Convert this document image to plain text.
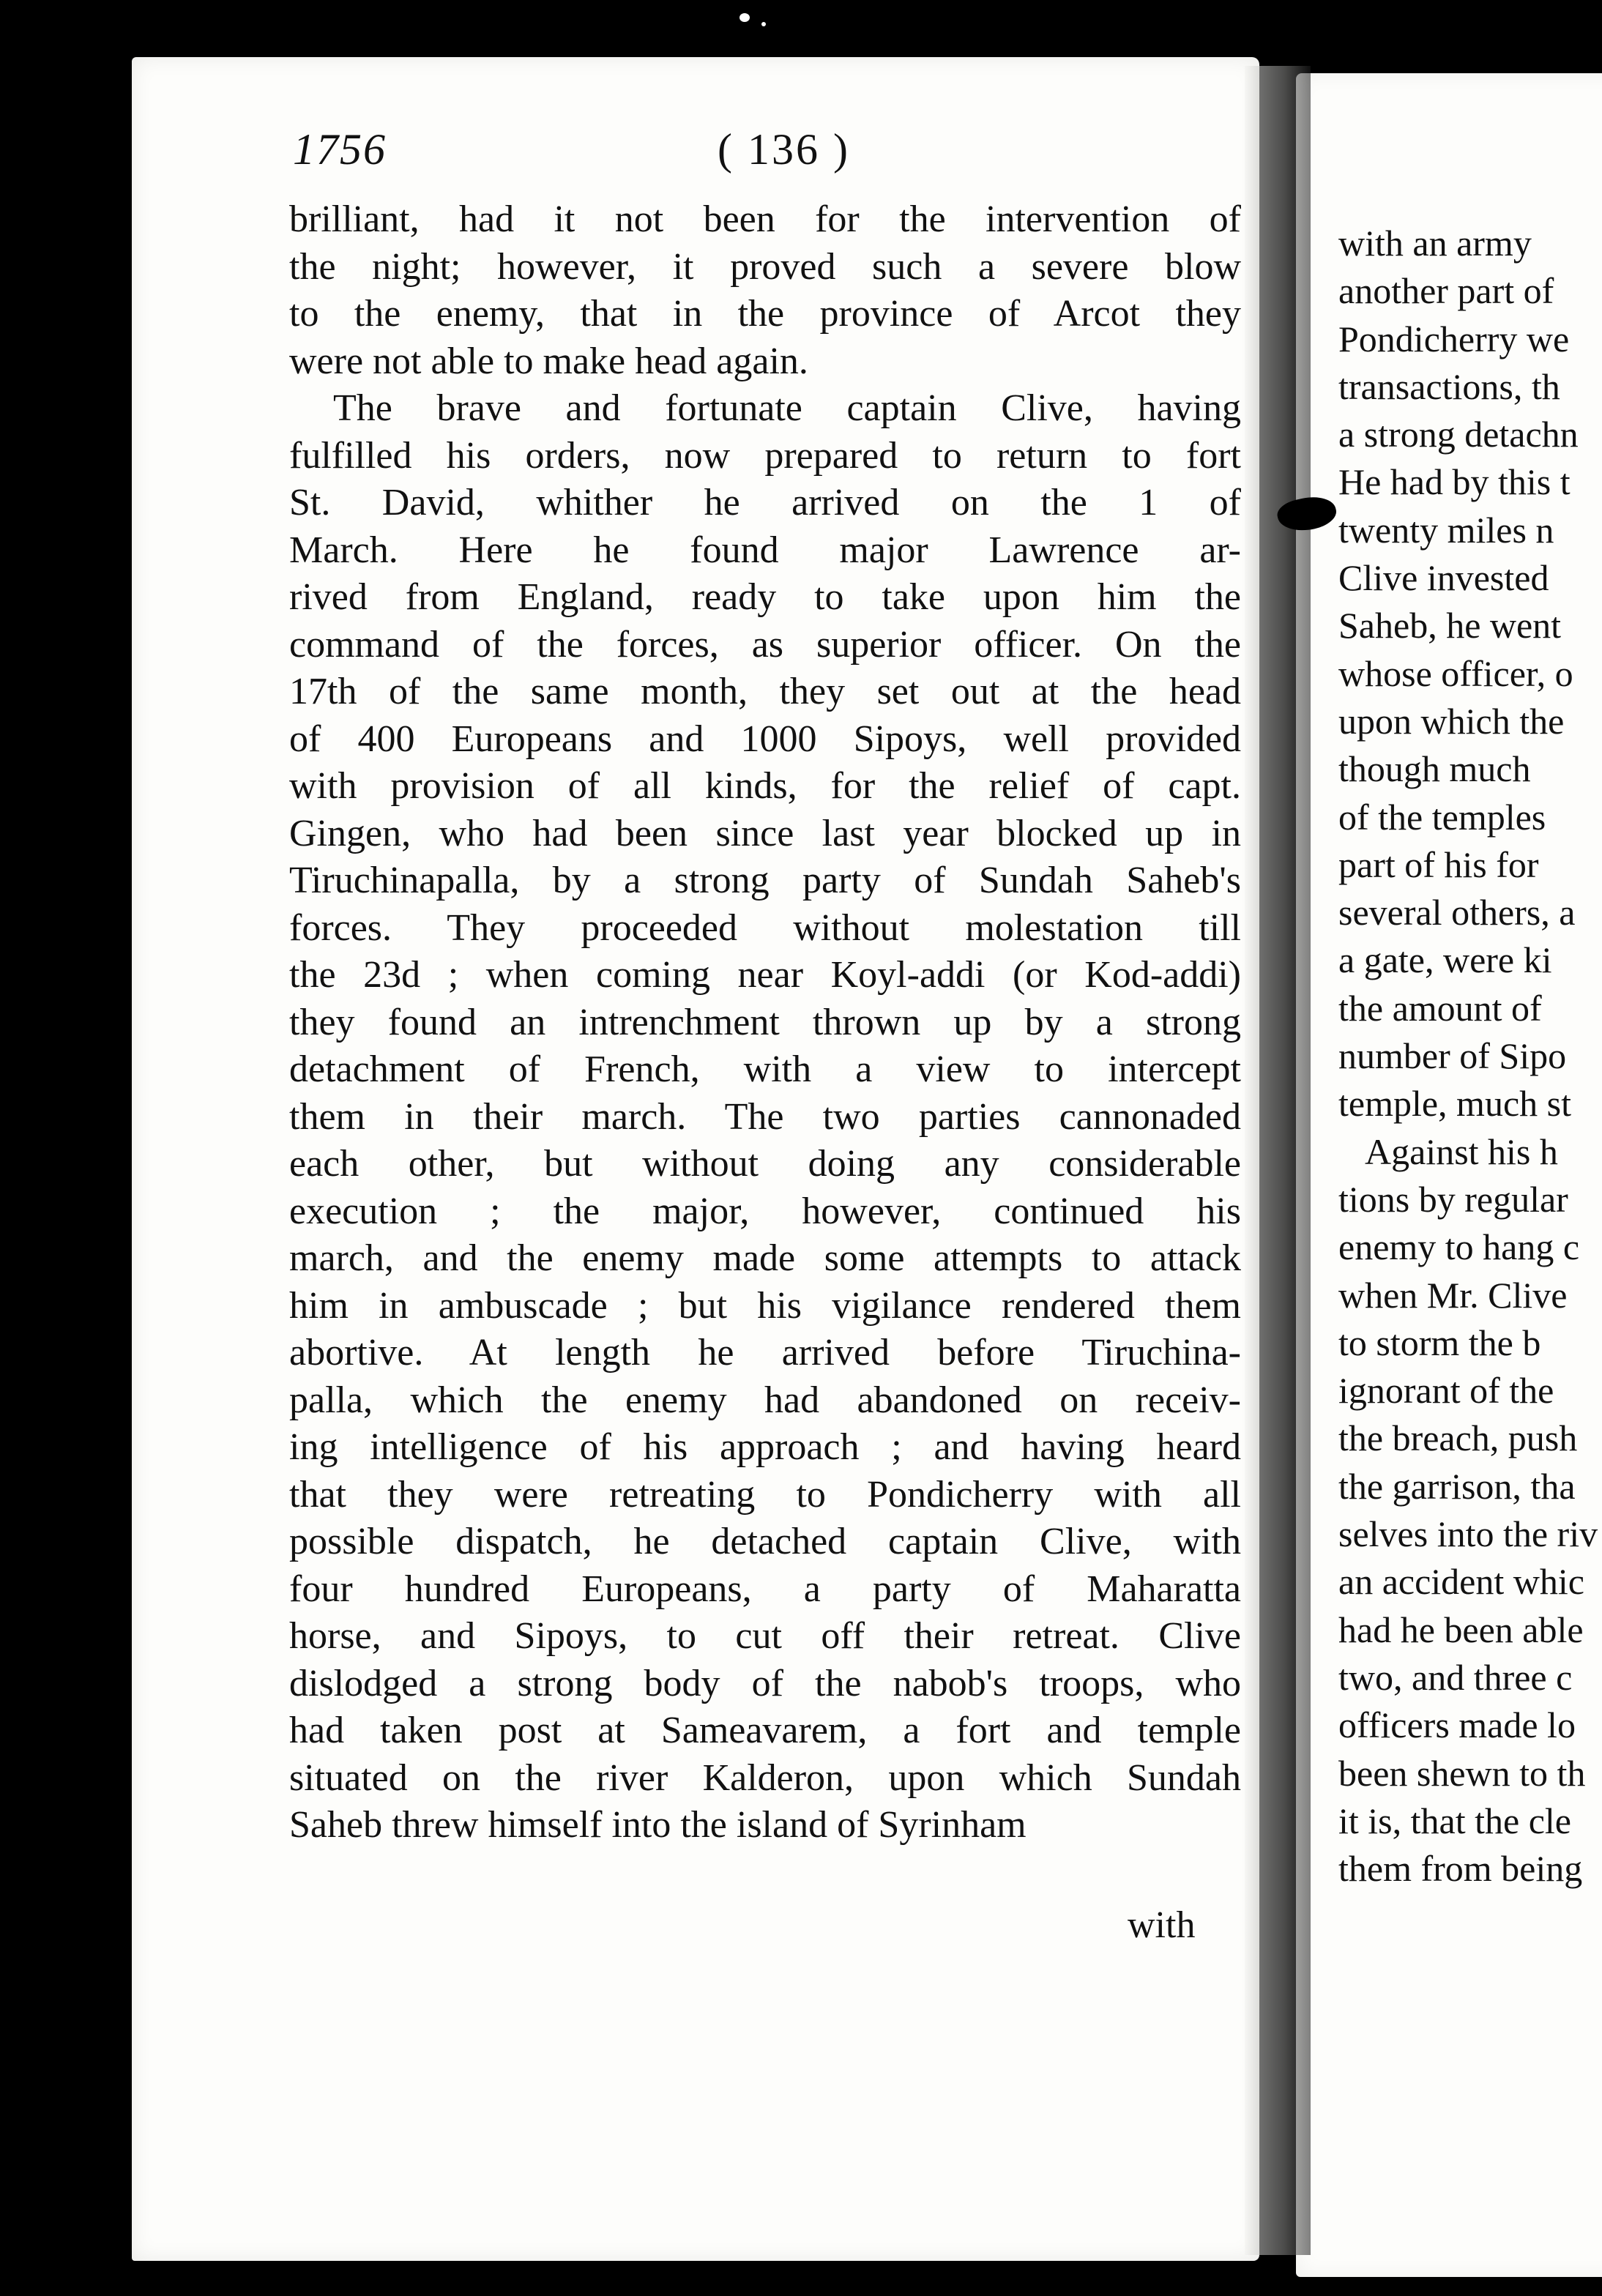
1756	( 136 )
brilliant, had it not been for the intervention of
the night; however, it proved such a severe blow
to the enemy, that in the province of Arcot they
were not able to make head again.
The brave and fortunate captain Clive, having
fulfilled his orders, now prepared to return to fort
St. David, whither he arrived on the 1 of
March. Here he found major Lawrence ar-
rived from England, ready to take upon him the
command of the forces, as superior officer. On the
17th of the same month, they set out at the head
of 400 Europeans and 1000 Sipoys, well provided
with provision of all kinds, for the relief of capt.
Gingen, who had been since last year blocked up in
Tiruchinapalla, by a strong party of Sundah Saheb's
forces. They proceeded without molestation till
the 23d ; when coming near Koyl-addi (or Kod-addi)
they found an intrenchment thrown up by a strong
detachment of French, with a view to intercept
them in their march. The two parties cannonaded
each other, but without doing any considerable
execution ; the major, however, continued his
march, and the enemy made some attempts to attack
him in ambuscade ; but his vigilance rendered them
abortive. At length he arrived before Tiruchina-
palla, which the enemy had abandoned on receiv-
ing intelligence of his approach ; and having heard
that they were retreating to Pondicherry with all
possible dispatch, he detached captain Clive, with
four hundred Europeans, a party of Maharatta
horse, and Sipoys, to cut off their retreat. Clive
dislodged a strong body of the nabob's troops, who
had taken post at Sameavarem, a fort and temple
situated on the river Kalderon, upon which Sundah
Saheb threw himself into the island of Syrinham
with
with an army
another part of
Pondicherry we
transactions, th
a strong detachn
He had by this t
twenty miles n
Clive invested
Saheb, he went
whose officer, o
upon which the
though much
of the temples
part of his for
several others, a
a gate, were ki
the amount of
number of Sipo
temple, much st
Against his h
tions by regular
enemy to hang c
when Mr. Clive
to storm the b
ignorant of the
the breach, push
the garrison, tha
selves into the riv
an accident whic
had he been able
two, and three c
officers made lo
been shewn to th
it is, that the cle
them from being
